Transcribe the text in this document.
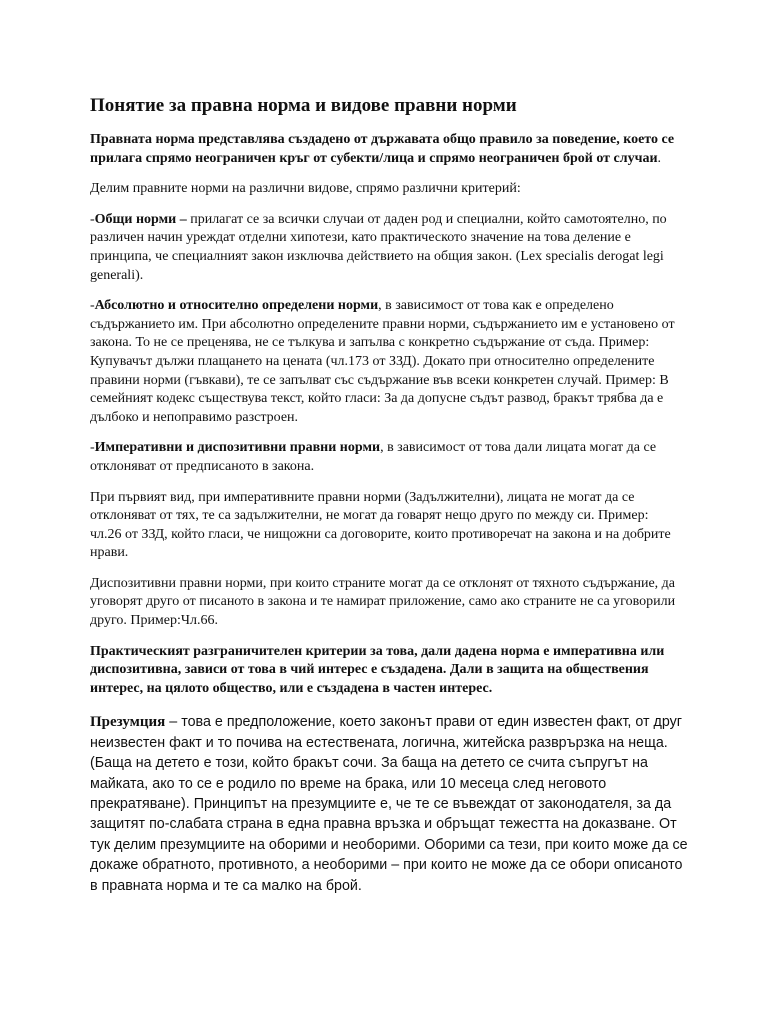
Понятие за правна норма и видове правни норми

Правната норма представлява създадено от държавата общо правило за поведение, което се прилага спрямо неограничен кръг от субекти/лица и спрямо неограничен брой от случаи.

Делим правните норми на различни видове, спрямо различни критерий:

-Общи норми – прилагат се за всички случаи от даден род и специални, който самотоятелно, по различен начин уреждат отделни хипотези, като практическото значение на това деление е принципа, че специалният закон изключва действието на общия закон. (Lex specialis derogat legi generali).

-Абсолютно и относително определени норми, в зависимост от това как е определено съдържанието им. При абсолютно определените правни норми, съдържанието им е установено от закона. То не се преценява, не се тълкува и запълва с конкретно съдържание от съда. Пример: Купувачът дължи плащането на цената (чл.173 от ЗЗД). Докато при относително определените правини норми (гъвкави), те се запълват със съдържание във всеки конкретен случай. Пример: В семейният кодекс съществува текст, който гласи: За да допусне съдът развод, бракът трябва да е дълбоко и непоправимо разстроен.

-Императивни и диспозитивни правни норми, в зависимост от това дали лицата могат да се отклоняват от предписаното в закона.

При първият вид, при императивните правни норми (Задължителни), лицата не могат да се отклоняват от тях, те са задължителни, не могат да говарят нещо друго по между си. Пример: чл.26 от ЗЗД, който гласи, че нищожни са договорите, които противоречат на закона и на добрите нрави.

Диспозитивни правни норми, при които страните могат да се отклонят от тяхното съдържание, да уговорят друго от писаното в закона и те намират приложение, само ако страните не са уговорили друго. Пример:Чл.66.

Практическият разграничителен критерии за това, дали дадена норма е императивна или диспозитивна, зависи от това в чий интерес е създадена. Дали в защита на обществения интерес, на цялото общество, или е създадена в частен интерес.

Презумция – това е предположение, което законът прави от един известен факт, от друг неизвестен факт и то почива на естествената, логична, житейска разврързка на неща. (Баща на детето е този, който бракът сочи. За баща на детето се счита съпругът на майката, ако то се е родило по време на брака, или 10 месеца след неговото прекратяване). Принципът на презумциите е, че те се въвеждат от законодателя, за да защитят по-слабата страна в една правна връзка и обръщат тежестта на доказване. От тук делим презумциите на оборими и необорими. Оборими са тези, при които може да се докаже обратното, противното, а необорими – при които не може да се обори описаното в правната норма и те са малко на брой.
